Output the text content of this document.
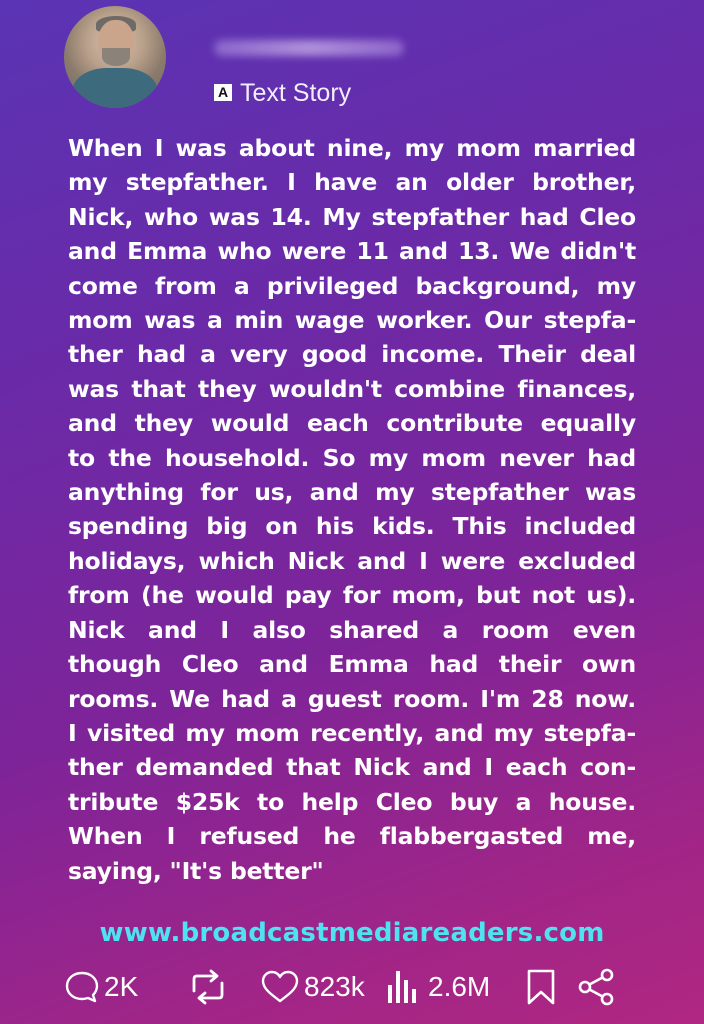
A Text Story
When I was about nine, my mom married
my stepfather. I have an older brother,
Nick, who was 14. My stepfather had Cleo
and Emma who were 11 and 13. We didn't
come from a privileged background, my
mom was a min wage worker. Our stepfa-
ther had a very good income. Their deal
was that they wouldn't combine finances,
and they would each contribute equally
to the household. So my mom never had
anything for us, and my stepfather was
spending big on his kids. This included
holidays, which Nick and I were excluded
from (he would pay for mom, but not us).
Nick and I also shared a room even
though Cleo and Emma had their own
rooms. We had a guest room. I'm 28 now.
I visited my mom recently, and my stepfa-
ther demanded that Nick and I each con-
tribute $25k to help Cleo buy a house.
When I refused he flabbergasted me,
saying, "It's better"
www.broadcastmediareaders.com
2K	823k 2.6M
